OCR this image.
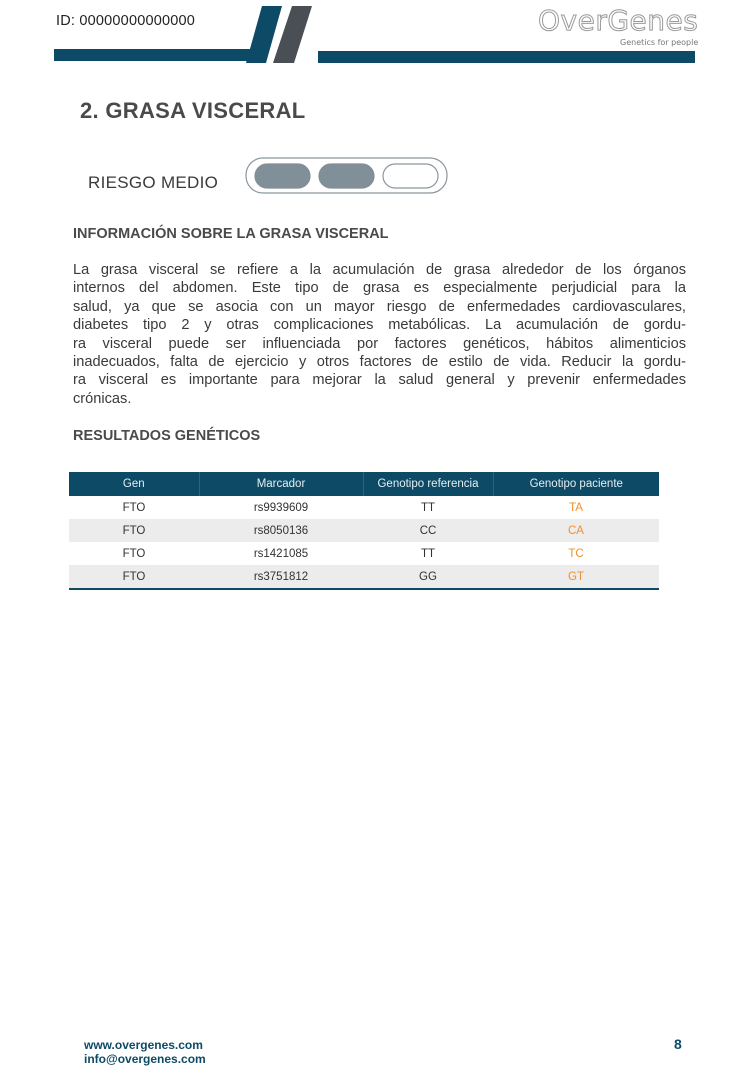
ID: 00000000000000	OverGenes
Genetics for people
2. GRASA VISCERAL
RIESGO MEDIO
INFORMACIÓN SOBRE LA GRASA VISCERAL
La grasa visceral se refiere a la acumulación de grasa alrededor de los órganos
internos del abdomen. Este tipo de grasa es especialmente perjudicial para la
salud, ya que se asocia con un mayor riesgo de enfermedades cardiovasculares,
diabetes tipo 2 y otras complicaciones metabólicas. La acumulación de gordu-
ra visceral puede ser influenciada por factores genéticos, hábitos alimenticios
inadecuados, falta de ejercicio y otros factores de estilo de vida. Reducir la gordu-
ra visceral es importante para mejorar la salud general y prevenir enfermedades
crónicas.
RESULTADOS GENÉTICOS
Gen	Marcador	Genotipo referencia	Genotipo paciente
FTO	rs9939609	TT	TA
FTO	rs8050136	CC	CA
FTO	rs1421085	TT	TC
FTO	rs3751812	GG	GT
www.overgenes.com
info@overgenes.com
8
